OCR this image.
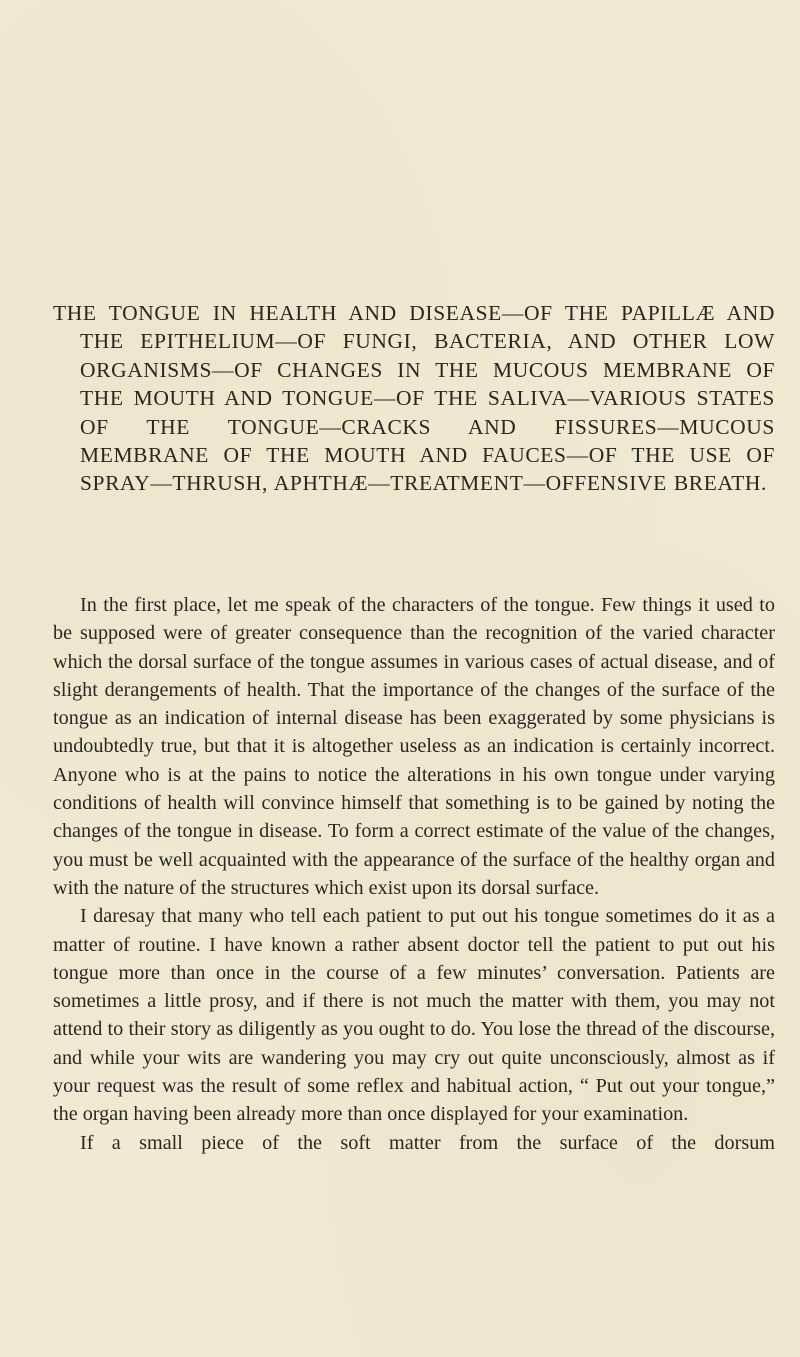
THE TONGUE IN HEALTH AND DISEASE—OF THE PAPILLÆ AND THE EPITHELIUM—OF FUNGI, BACTERIA, AND OTHER LOW ORGANISMS—OF CHANGES IN THE MUCOUS MEMBRANE OF THE MOUTH AND TONGUE—OF THE SALIVA—VARIOUS STATES OF THE TONGUE—CRACKS AND FISSURES—MUCOUS MEMBRANE OF THE MOUTH AND FAUCES—OF THE USE OF SPRAY—THRUSH, APHTHÆ—TREATMENT—OFFENSIVE BREATH.

In the first place, let me speak of the characters of the tongue. Few things it used to be supposed were of greater consequence than the recognition of the varied character which the dorsal surface of the tongue assumes in various cases of actual disease, and of slight derangements of health. That the importance of the changes of the surface of the tongue as an indication of internal disease has been exaggerated by some physicians is undoubtedly true, but that it is altogether useless as an indication is certainly incorrect. Anyone who is at the pains to notice the alterations in his own tongue under varying conditions of health will convince himself that something is to be gained by noting the changes of the tongue in disease. To form a correct estimate of the value of the changes, you must be well acquainted with the appearance of the surface of the healthy organ and with the nature of the structures which exist upon its dorsal surface.

I daresay that many who tell each patient to put out his tongue sometimes do it as a matter of routine. I have known a rather absent doctor tell the patient to put out his tongue more than once in the course of a few minutes’ conversation. Patients are sometimes a little prosy, and if there is not much the matter with them, you may not attend to their story as diligently as you ought to do. You lose the thread of the discourse, and while your wits are wandering you may cry out quite unconsciously, almost as if your request was the result of some reflex and habitual action, “ Put out your tongue,” the organ having been already more than once displayed for your examination.

If a small piece of the soft matter from the surface of the dorsum
